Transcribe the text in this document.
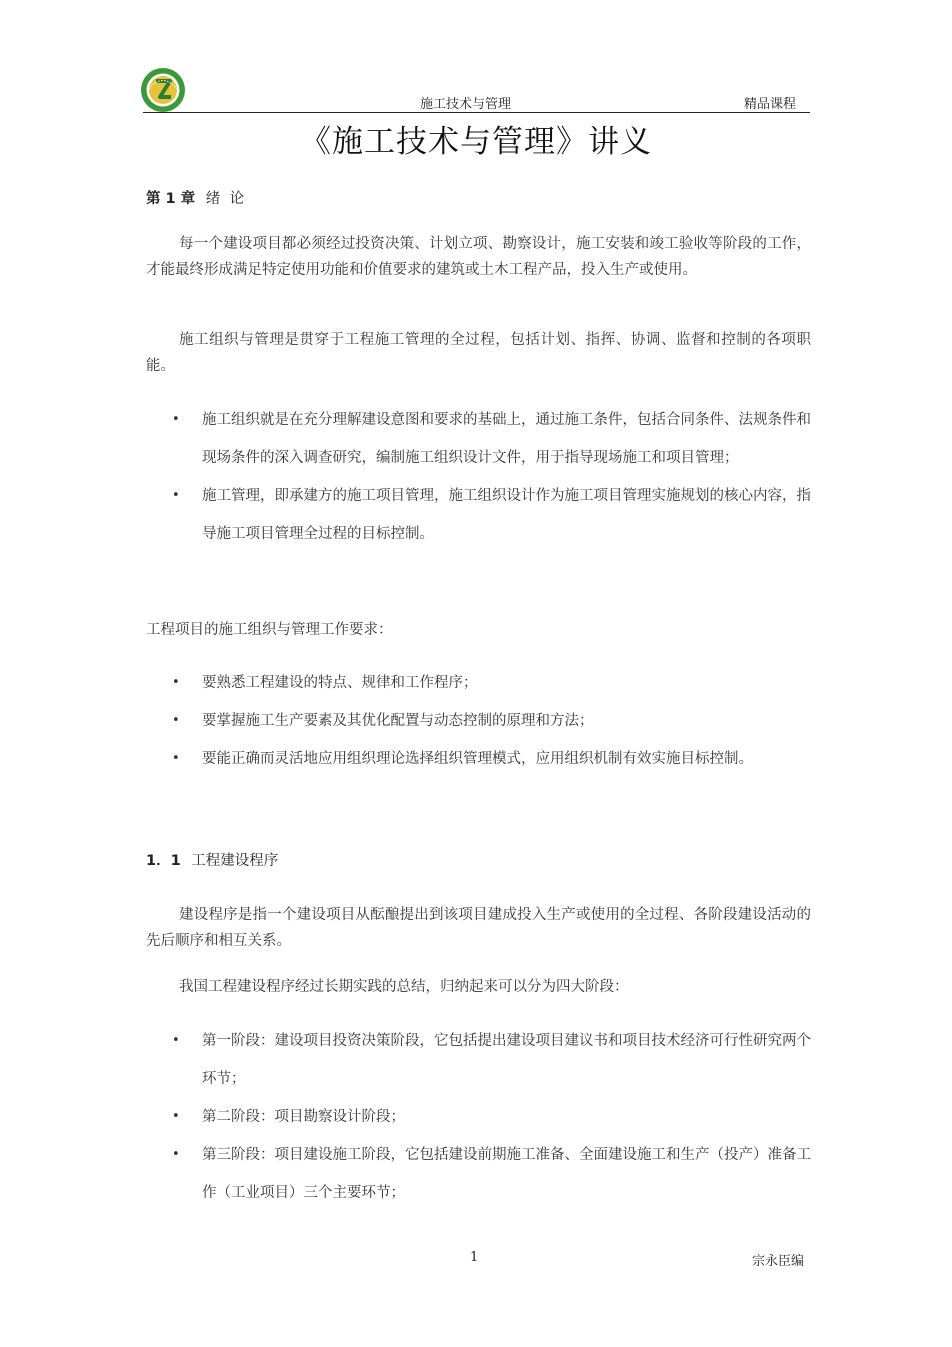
施工技术与管理	精品课程
《施工技术与管理》讲义
第 1 章 绪  论
每一个建设项目都必须经过投资决策、计划立项、勘察设计，施工安装和竣工验收等阶段的工作，才能最终形成满足特定使用功能和价值要求的建筑或土木工程产品，投入生产或使用。
施工组织与管理是贯穿于工程施工管理的全过程，包括计划、指挥、协调、监督和控制的各项职能。
• 施工组织就是在充分理解建设意图和要求的基础上，通过施工条件，包括合同条件、法规条件和现场条件的深入调查研究，编制施工组织设计文件，用于指导现场施工和项目管理；
• 施工管理，即承建方的施工项目管理，施工组织设计作为施工项目管理实施规划的核心内容，指导施工项目管理全过程的目标控制。
工程项目的施工组织与管理工作要求：
• 要熟悉工程建设的特点、规律和工作程序；
• 要掌握施工生产要素及其优化配置与动态控制的原理和方法；
• 要能正确而灵活地应用组织理论选择组织管理模式，应用组织机制有效实施目标控制。
1．1 工程建设程序
建设程序是指一个建设项目从酝酿提出到该项目建成投入生产或使用的全过程、各阶段建设活动的先后顺序和相互关系。
我国工程建设程序经过长期实践的总结，归纳起来可以分为四大阶段：
• 第一阶段：建设项目投资决策阶段，它包括提出建设项目建议书和项目技术经济可行性研究两个环节；
• 第二阶段：项目勘察设计阶段；
• 第三阶段：项目建设施工阶段，它包括建设前期施工准备、全面建设施工和生产（投产）准备工作（工业项目）三个主要环节；
1	宗永臣编
